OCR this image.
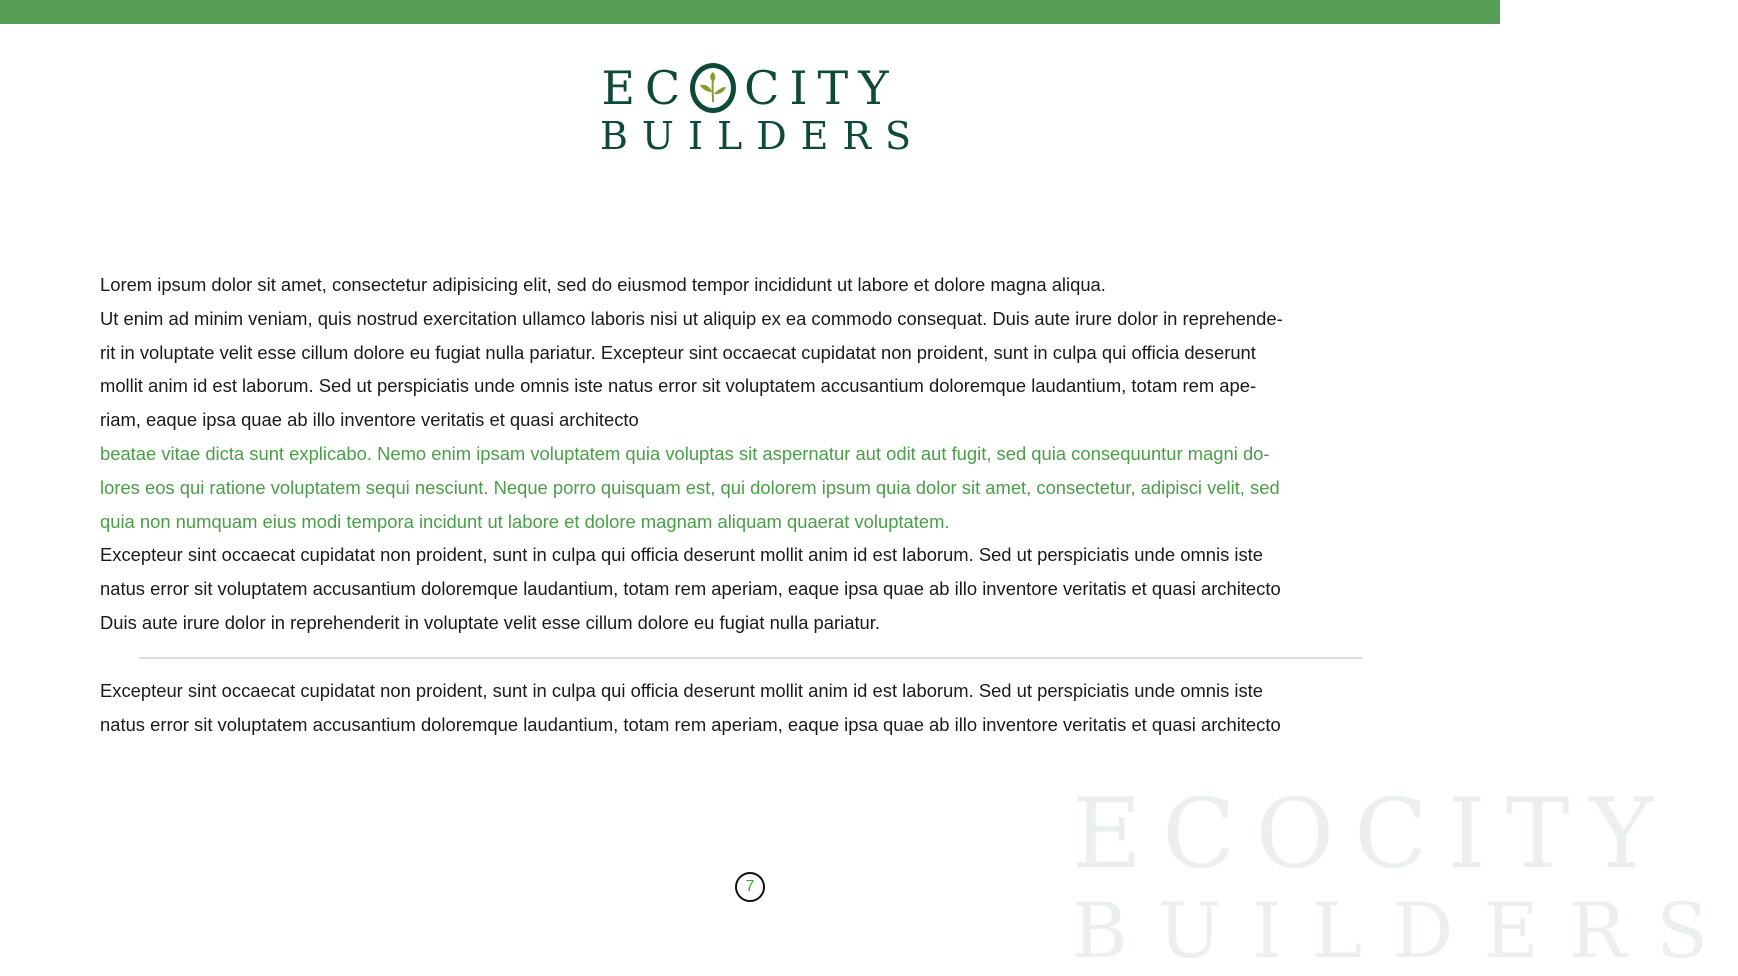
EC CITY
BUILDERS
Lorem ipsum dolor sit amet, consectetur adipisicing elit, sed do eiusmod tempor incididunt ut labore et dolore magna aliqua.
Ut enim ad minim veniam, quis nostrud exercitation ullamco laboris nisi ut aliquip ex ea commodo consequat. Duis aute irure dolor in reprehende-
rit in voluptate velit esse cillum dolore eu fugiat nulla pariatur. Excepteur sint occaecat cupidatat non proident, sunt in culpa qui officia deserunt
mollit anim id est laborum. Sed ut perspiciatis unde omnis iste natus error sit voluptatem accusantium doloremque laudantium, totam rem ape-
riam, eaque ipsa quae ab illo inventore veritatis et quasi architecto
beatae vitae dicta sunt explicabo. Nemo enim ipsam voluptatem quia voluptas sit aspernatur aut odit aut fugit, sed quia consequuntur magni do-
lores eos qui ratione voluptatem sequi nesciunt. Neque porro quisquam est, qui dolorem ipsum quia dolor sit amet, consectetur, adipisci velit, sed
quia non numquam eius modi tempora incidunt ut labore et dolore magnam aliquam quaerat voluptatem.
Excepteur sint occaecat cupidatat non proident, sunt in culpa qui officia deserunt mollit anim id est laborum. Sed ut perspiciatis unde omnis iste
natus error sit voluptatem accusantium doloremque laudantium, totam rem aperiam, eaque ipsa quae ab illo inventore veritatis et quasi architecto
Duis aute irure dolor in reprehenderit in voluptate velit esse cillum dolore eu fugiat nulla pariatur.
Excepteur sint occaecat cupidatat non proident, sunt in culpa qui officia deserunt mollit anim id est laborum. Sed ut perspiciatis unde omnis iste
natus error sit voluptatem accusantium doloremque laudantium, totam rem aperiam, eaque ipsa quae ab illo inventore veritatis et quasi architecto
7	ECOCITY
BUILDERS
